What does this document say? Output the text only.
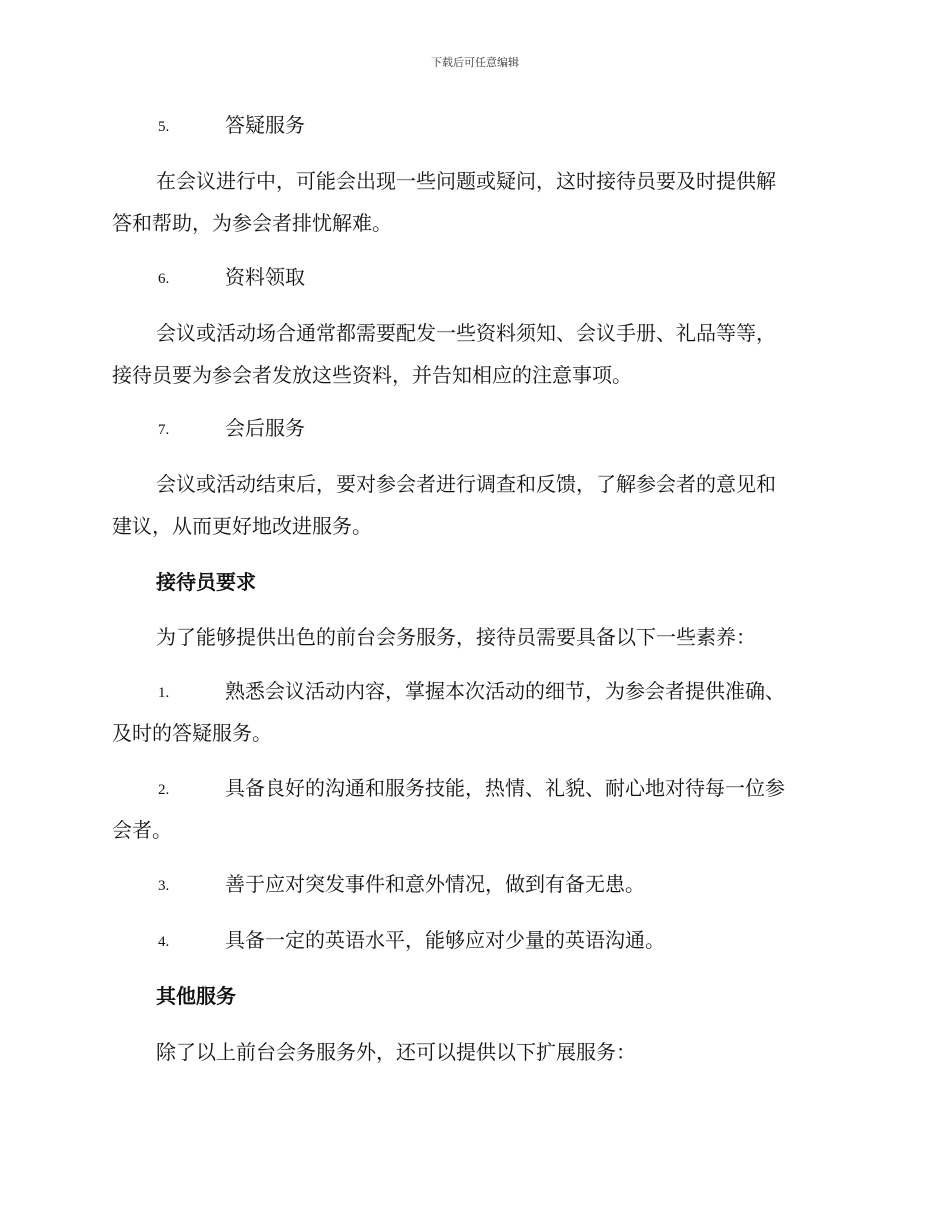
下载后可任意编辑
5.	答疑服务
在会议进行中，可能会出现一些问题或疑问，这时接待员要及时提供解
答和帮助，为参会者排忧解难。
6.	资料领取
会议或活动场合通常都需要配发一些资料须知、会议手册、礼品等等，
接待员要为参会者发放这些资料，并告知相应的注意事项。
7.	会后服务
会议或活动结束后，要对参会者进行调查和反馈，了解参会者的意见和
建议，从而更好地改进服务。
接待员要求
为了能够提供出色的前台会务服务，接待员需要具备以下一些素养：
1.	熟悉会议活动内容，掌握本次活动的细节，为参会者提供准确、
及时的答疑服务。
2.	具备良好的沟通和服务技能，热情、礼貌、耐心地对待每一位参
会者。
3.	善于应对突发事件和意外情况，做到有备无患。
4.	具备一定的英语水平，能够应对少量的英语沟通。
其他服务
除了以上前台会务服务外，还可以提供以下扩展服务：
